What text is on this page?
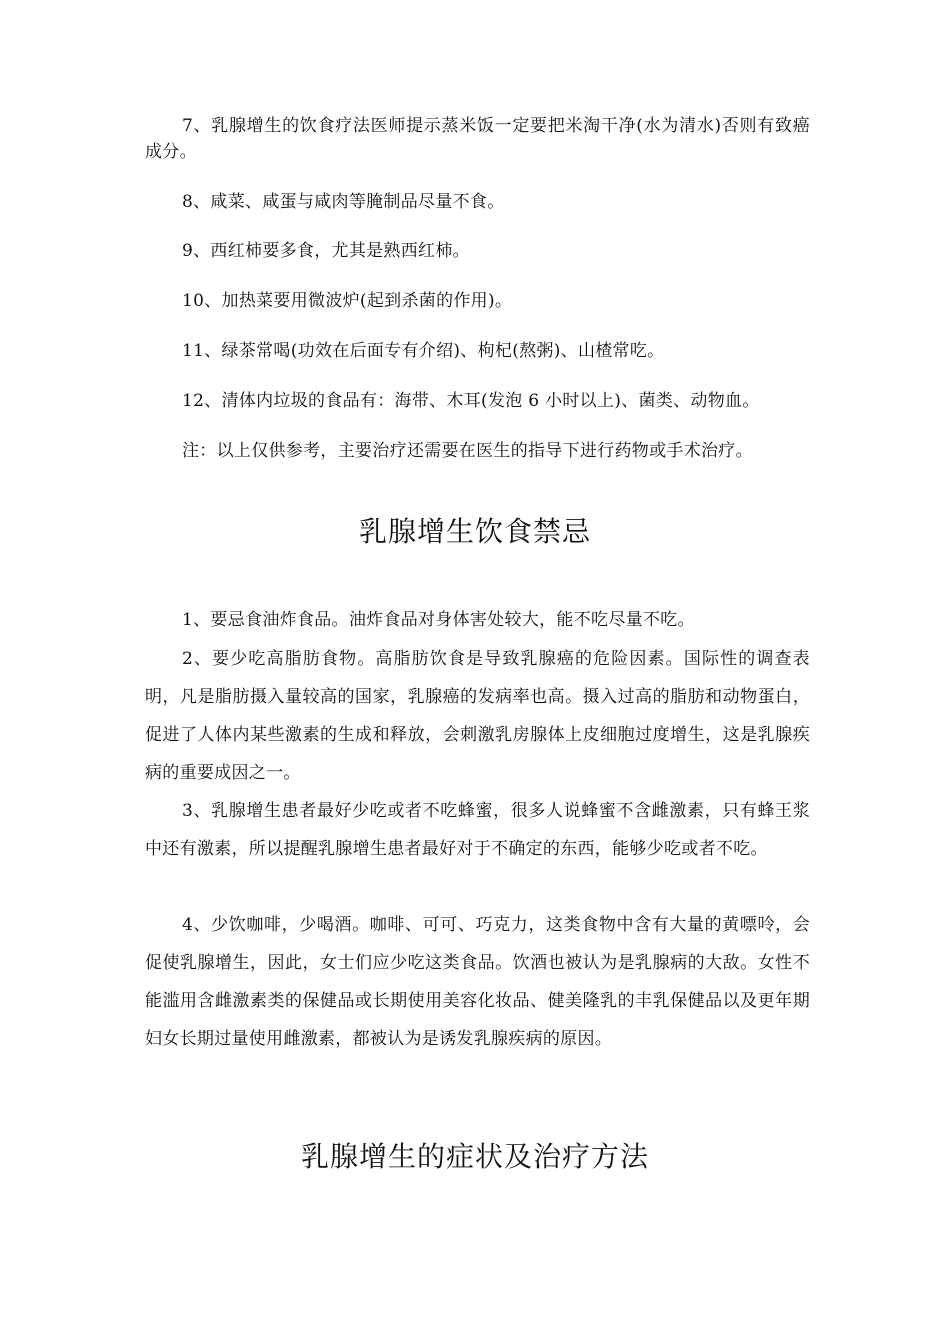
7、乳腺增生的饮食疗法医师提示蒸米饭一定要把米淘干净(水为清水)否则有致癌成分。

8、咸菜、咸蛋与咸肉等腌制品尽量不食。

9、西红柿要多食，尤其是熟西红柿。

10、加热菜要用微波炉(起到杀菌的作用)。

11、绿茶常喝(功效在后面专有介绍)、枸杞(熬粥)、山楂常吃。

12、清体内垃圾的食品有：海带、木耳(发泡 6 小时以上)、菌类、动物血。

注：以上仅供参考，主要治疗还需要在医生的指导下进行药物或手术治疗。

乳腺增生饮食禁忌

1、要忌食油炸食品。油炸食品对身体害处较大，能不吃尽量不吃。

2、要少吃高脂肪食物。高脂肪饮食是导致乳腺癌的危险因素。国际性的调查表明，凡是脂肪摄入量较高的国家，乳腺癌的发病率也高。摄入过高的脂肪和动物蛋白，促进了人体内某些激素的生成和释放，会刺激乳房腺体上皮细胞过度增生，这是乳腺疾病的重要成因之一。

3、乳腺增生患者最好少吃或者不吃蜂蜜，很多人说蜂蜜不含雌激素，只有蜂王浆中还有激素，所以提醒乳腺增生患者最好对于不确定的东西，能够少吃或者不吃。

4、少饮咖啡，少喝酒。咖啡、可可、巧克力，这类食物中含有大量的黄嘌呤，会促使乳腺增生，因此，女士们应少吃这类食品。饮酒也被认为是乳腺病的大敌。女性不能滥用含雌激素类的保健品或长期使用美容化妆品、健美隆乳的丰乳保健品以及更年期妇女长期过量使用雌激素，都被认为是诱发乳腺疾病的原因。

乳腺增生的症状及治疗方法
